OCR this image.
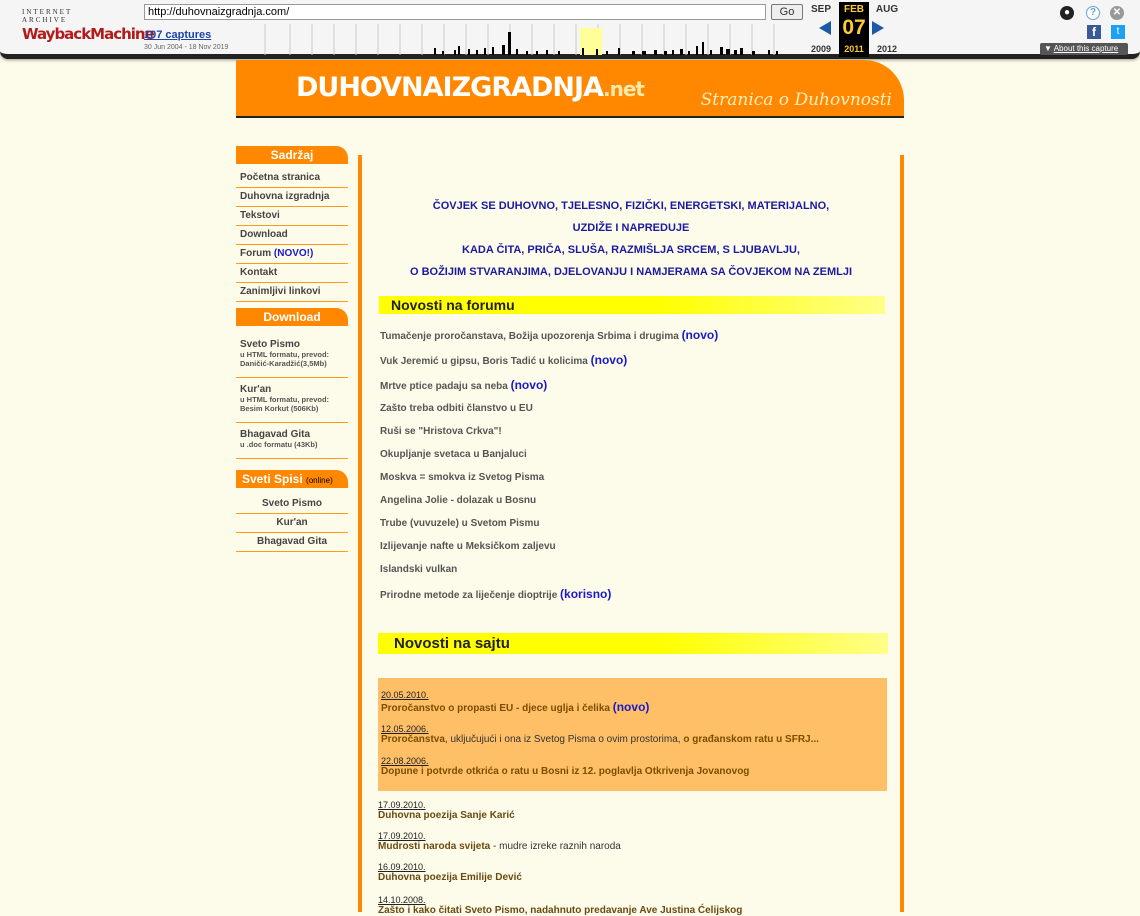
INTERNET ARCHIVE
WaybackMachine
http://duhovnaizgradnja.com/	Go
107 captures
30 Jun 2004 - 18 Nov 2019
SEP
2009
FEB
07
2011
AUG
2012
●	?	✕
f	t
▼ About this capture
DUHOVNAIZGRADNJA.net	Stranica o Duhovnosti
Sadržaj
Početna stranica
Duhovna izgradnja
Tekstovi
Download
Forum (NOVO!)
Kontakt
Zanimljivi linkovi
Download
Sveto Pismo
u HTML formatu, prevod:
Daničić-Karadžić(3,5Mb)
Kur'an
u HTML formatu, prevod:
Besim Korkut (506Kb)
Bhagavad Gita
u .doc formatu (43Kb)
Sveti Spisi (online)
Sveto Pismo
Kur'an
Bhagavad Gita
ČOVJEK SE DUHOVNO, TJELESNO, FIZIČKI, ENERGETSKI, MATERIJALNO,
UZDIŽE I NAPREDUJE
KADA ČITA, PRIČA, SLUŠA, RAZMIŠLJA SRCEM, S LJUBAVLJU,
O BOŽIJIM STVARANJIMA, DJELOVANJU I NAMJERAMA SA ČOVJEKOM NA ZEMLJI
Novosti na forumu
Tumačenje proročanstava, Božija upozorenja Srbima i drugima (novo)
Vuk Jeremić u gipsu, Boris Tadić u kolicima (novo)
Mrtve ptice padaju sa neba (novo)
Zašto treba odbiti članstvo u EU
Ruši se "Hristova Crkva"!
Okupljanje svetaca u Banjaluci
Moskva = smokva iz Svetog Pisma
Angelina Jolie - dolazak u Bosnu
Trube (vuvuzele) u Svetom Pismu
Izlijevanje nafte u Meksičkom zaljevu
Islandski vulkan
Prirodne metode za liječenje dioptrije (korisno)
Novosti na sajtu
20.05.2010.
Proročanstvo o propasti EU - djece uglja i čelika (novo)
12.05.2006.
Proročanstva, uključujući i ona iz Svetog Pisma o ovim prostorima, o građanskom ratu u SFRJ...
22.08.2006.
Dopune i potvrde otkrića o ratu u Bosni iz 12. poglavlja Otkrivenja Jovanovog
17.09.2010.
Duhovna poezija Sanje Karić
17.09.2010.
Mudrosti naroda svijeta - mudre izreke raznih naroda
16.09.2010.
Duhovna poezija Emilije Dević
14.10.2008.
Zašto i kako čitati Sveto Pismo, nadahnuto predavanje Ave Justina Ćelijskog
